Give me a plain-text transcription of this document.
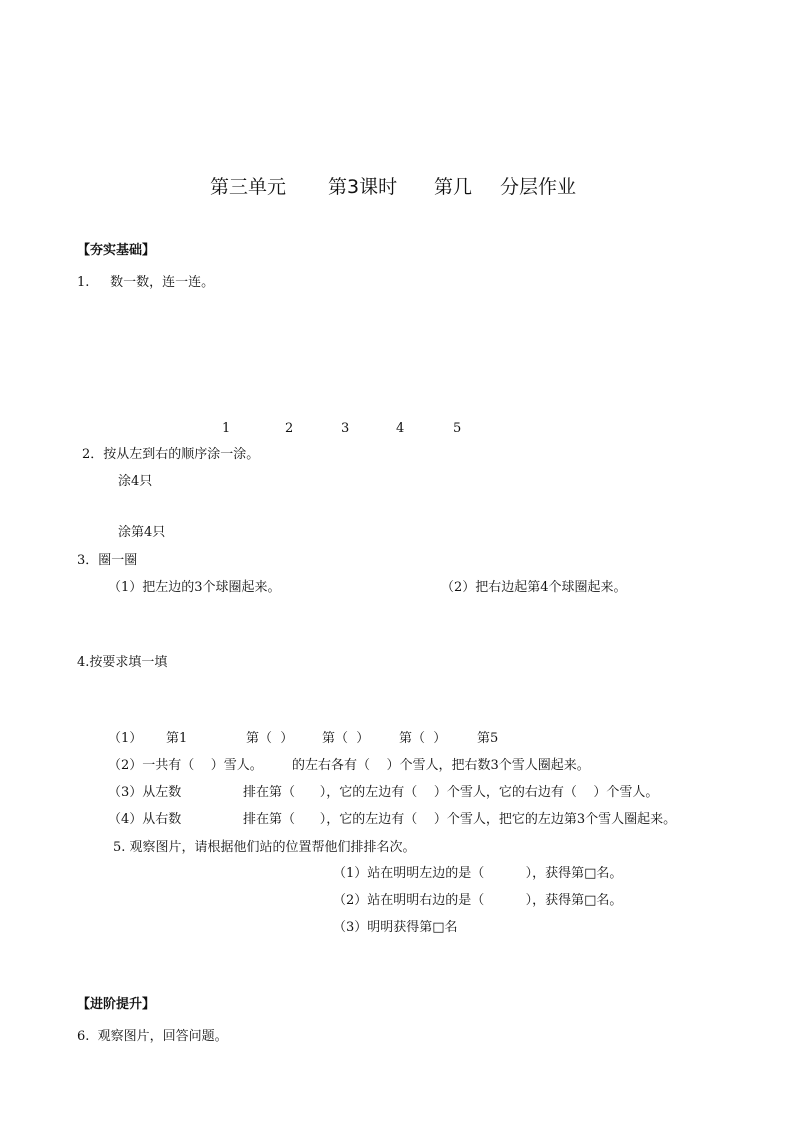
第三单元 第3课时 第几 分层作业
【夯实基础】
1.     数一数，连一连。
1	2	3	4	5
2．按从左到右的顺序涂一涂。
涂4只
涂第4只
3．圈一圈
（1）把左边的3个球圈起来。	（2）把右边起第4个球圈起来。
4.按要求填一填
（1） 第1	第（  ） 第（  ） 第（  ） 第5
（2）一共有（    ）雪人。 的左右各有（    ）个雪人，把右数3个雪人圈起来。
（3）从左数	排在第（      ），它的左边有（    ）个雪人，它的右边有（    ）个雪人。
（4）从右数	排在第（      ），它的左边有（    ）个雪人，把它的左边第3个雪人圈起来。
5. 观察图片，请根据他们站的位置帮他们排排名次。
（1）站在明明左边的是（          ），获得第□名。
（2）站在明明右边的是（          ），获得第□名。
（3）明明获得第□名
【进阶提升】
6.  观察图片，回答问题。
